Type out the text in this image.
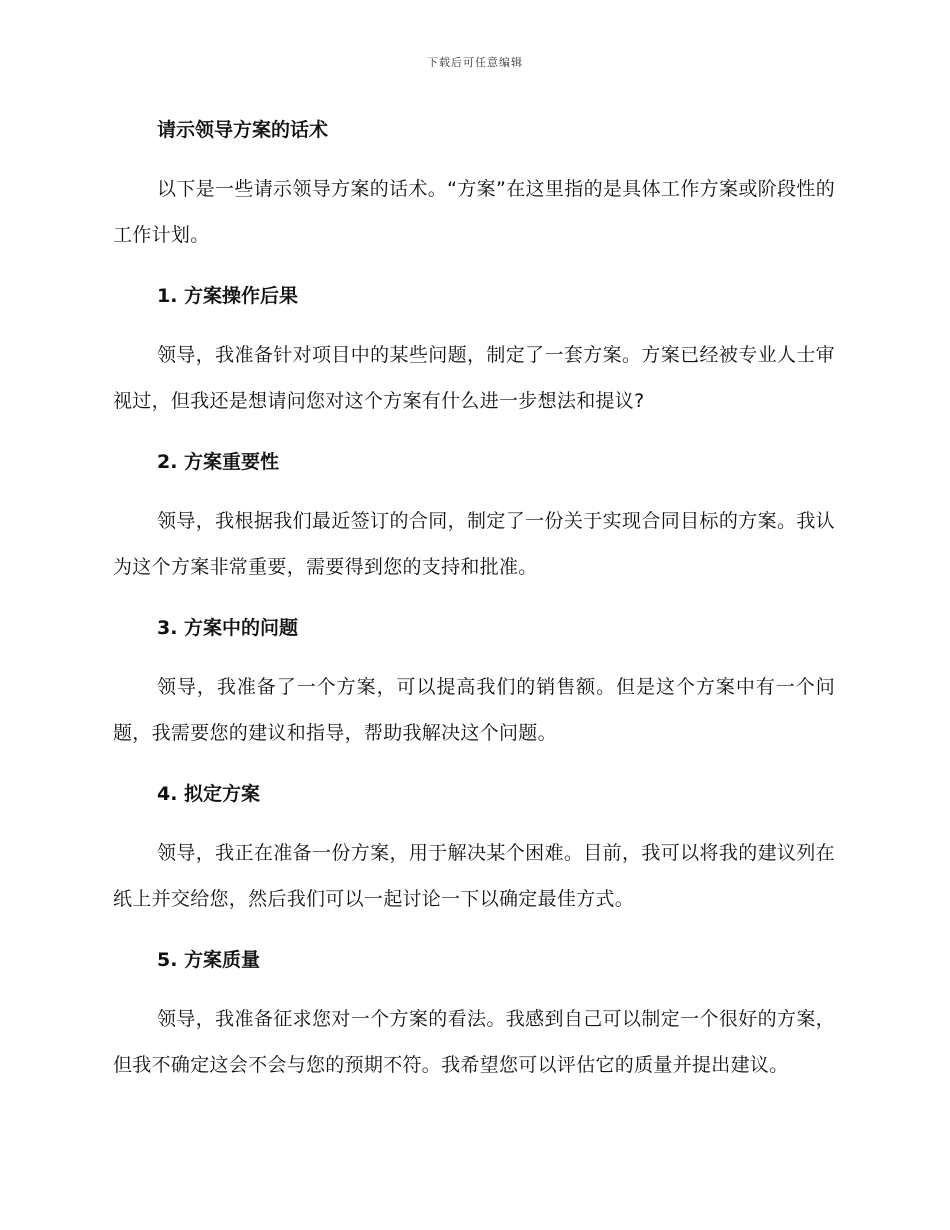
下载后可任意编辑
请示领导方案的话术

以下是一些请示领导方案的话术。“方案”在这里指的是具体工作方案或阶段性的工作计划。

1. 方案操作后果

领导，我准备针对项目中的某些问题，制定了一套方案。方案已经被专业人士审视过，但我还是想请问您对这个方案有什么进一步想法和提议?

2. 方案重要性

领导，我根据我们最近签订的合同，制定了一份关于实现合同目标的方案。我认为这个方案非常重要，需要得到您的支持和批准。

3. 方案中的问题

领导，我准备了一个方案，可以提高我们的销售额。但是这个方案中有一个问题，我需要您的建议和指导，帮助我解决这个问题。

4. 拟定方案

领导，我正在准备一份方案，用于解决某个困难。目前，我可以将我的建议列在纸上并交给您，然后我们可以一起讨论一下以确定最佳方式。

5. 方案质量

领导，我准备征求您对一个方案的看法。我感到自己可以制定一个很好的方案，但我不确定这会不会与您的预期不符。我希望您可以评估它的质量并提出建议。
